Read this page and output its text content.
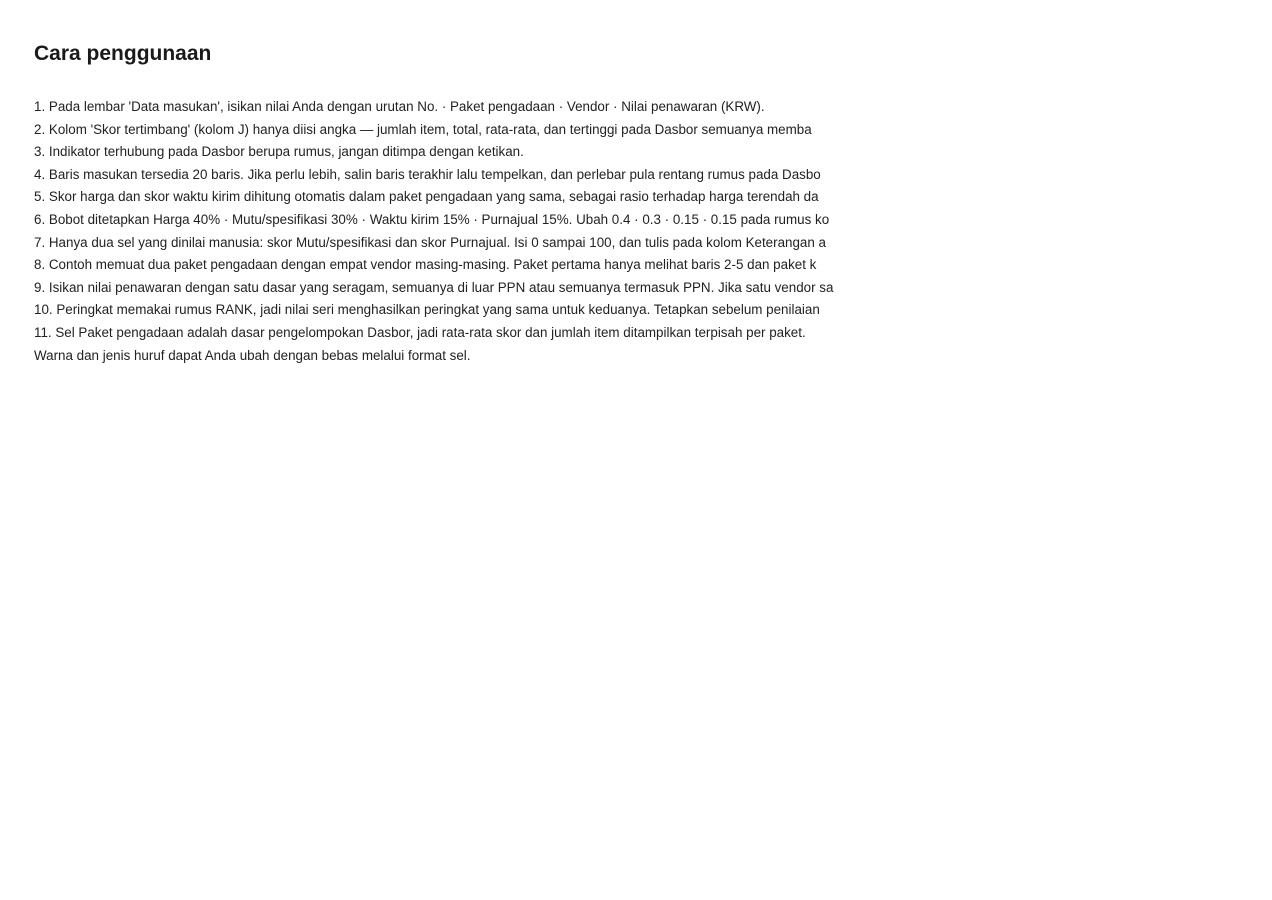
Cara penggunaan
1. Pada lembar 'Data masukan', isikan nilai Anda dengan urutan No. · Paket pengadaan · Vendor · Nilai penawaran (KRW).
2. Kolom 'Skor tertimbang' (kolom J) hanya diisi angka — jumlah item, total, rata-rata, dan tertinggi pada Dasbor semuanya memba
3. Indikator terhubung pada Dasbor berupa rumus, jangan ditimpa dengan ketikan.
4. Baris masukan tersedia 20 baris. Jika perlu lebih, salin baris terakhir lalu tempelkan, dan perlebar pula rentang rumus pada Dasbo
5. Skor harga dan skor waktu kirim dihitung otomatis dalam paket pengadaan yang sama, sebagai rasio terhadap harga terendah da
6. Bobot ditetapkan Harga 40% · Mutu/spesifikasi 30% · Waktu kirim 15% · Purnajual 15%. Ubah 0.4 · 0.3 · 0.15 · 0.15 pada rumus ko
7. Hanya dua sel yang dinilai manusia: skor Mutu/spesifikasi dan skor Purnajual. Isi 0 sampai 100, dan tulis pada kolom Keterangan a
8. Contoh memuat dua paket pengadaan dengan empat vendor masing-masing. Paket pertama hanya melihat baris 2-5 dan paket k
9. Isikan nilai penawaran dengan satu dasar yang seragam, semuanya di luar PPN atau semuanya termasuk PPN. Jika satu vendor sa
10. Peringkat memakai rumus RANK, jadi nilai seri menghasilkan peringkat yang sama untuk keduanya. Tetapkan sebelum penilaian
11. Sel Paket pengadaan adalah dasar pengelompokan Dasbor, jadi rata-rata skor dan jumlah item ditampilkan terpisah per paket.
Warna dan jenis huruf dapat Anda ubah dengan bebas melalui format sel.
